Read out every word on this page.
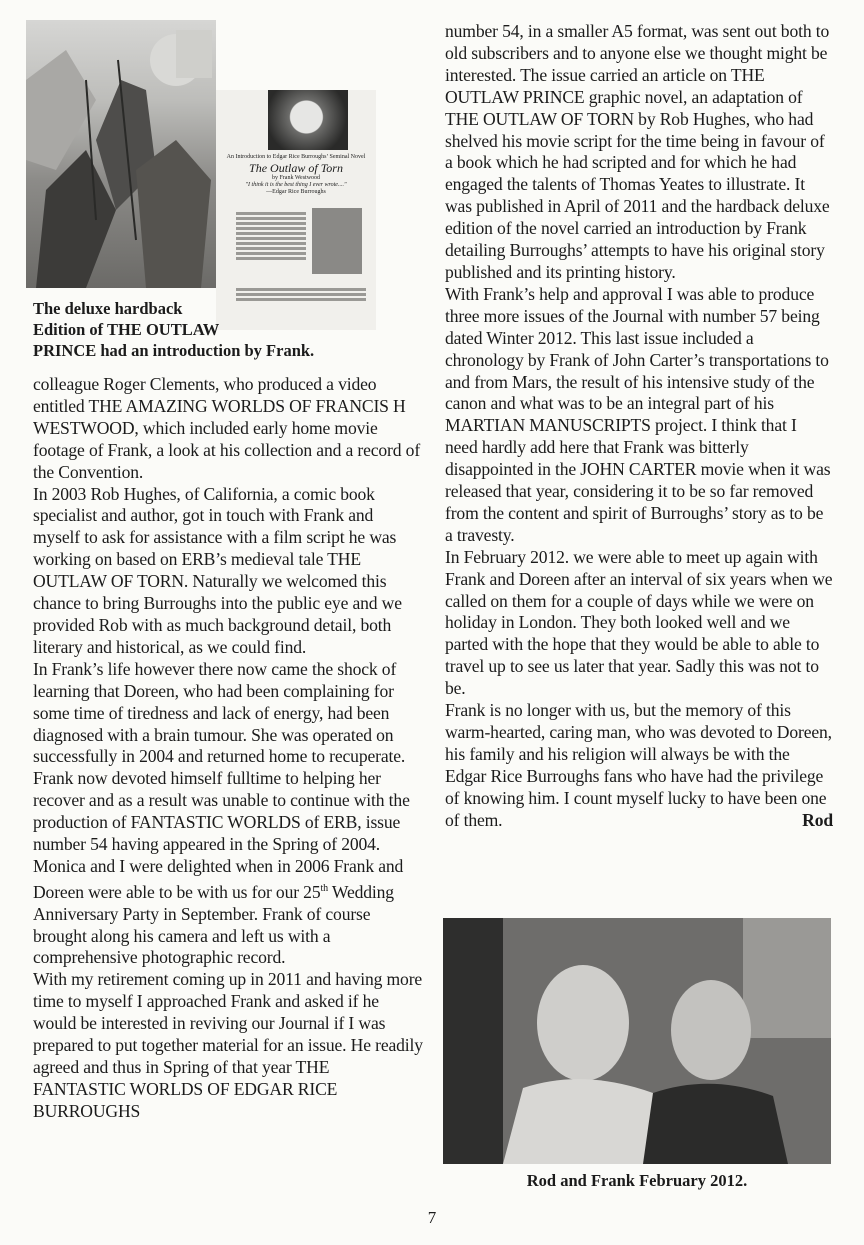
An Introduction to Edgar Rice Burroughs’ Seminal Novel
The Outlaw of Torn
by Frank Westwood
"I think it is the best thing I ever wrote...."
—Edgar Rice Burroughs
The deluxe hardback
Edition of THE OUTLAW
PRINCE had an introduction by Frank.

colleague Roger Clements, who produced a video entitled THE AMAZING WORLDS OF FRANCIS H WESTWOOD, which included early home movie footage of Frank, a look at his collection and a record of the Convention.

In 2003 Rob Hughes, of California, a comic book specialist and author, got in touch with Frank and myself to ask for assistance with a film script he was working on based on ERB’s medieval tale THE OUTLAW OF TORN. Naturally we welcomed this chance to bring Burroughs into the public eye and we provided Rob with as much background detail, both literary and historical, as we could find.

In Frank’s life however there now came the shock of learning that Doreen, who had been complaining for some time of tiredness and lack of energy, had been diagnosed with a brain tumour. She was operated on successfully in 2004 and returned home to recuperate. Frank now devoted himself fulltime to helping her recover and as a result was unable to continue with the production of FANTASTIC WORLDS of ERB, issue number 54 having appeared in the Spring of 2004.

Monica and I were delighted when in 2006 Frank and Doreen were able to be with us for our 25th Wedding Anniversary Party in September. Frank of course brought along his camera and left us with a comprehensive photographic record.

With my retirement coming up in 2011 and having more time to myself I approached Frank and asked if he would be interested in reviving our Journal if I was prepared to put together material for an issue. He readily agreed and thus in Spring of that year THE FANTASTIC WORLDS OF EDGAR RICE BURROUGHS

number 54, in a smaller A5 format, was sent out both to old subscribers and to anyone else we thought might be interested. The issue carried an article on THE OUTLAW PRINCE graphic novel, an adaptation of THE OUTLAW OF TORN by Rob Hughes, who had shelved his movie script for the time being in favour of a book which he had scripted and for which he had engaged the talents of Thomas Yeates to illustrate. It was published in April of 2011 and the hardback deluxe edition of the novel carried an introduction by Frank detailing Burroughs’ attempts to have his original story published and its printing history.

With Frank’s help and approval I was able to produce three more issues of the Journal with number 57 being dated Winter 2012. This last issue included a chronology by Frank of John Carter’s transportations to and from Mars, the result of his intensive study of the canon and what was to be an integral part of his MARTIAN MANUSCRIPTS project. I think that I need hardly add here that Frank was bitterly disappointed in the JOHN CARTER movie when it was released that year, considering it to be so far removed from the content and spirit of Burroughs’ story as to be a travesty.

In February 2012. we were able to meet up again with Frank and Doreen after an interval of six years when we called on them for a couple of days while we were on holiday in London. They both looked well and we parted with the hope that they would be able to able to travel up to see us later that year. Sadly this was not to be.

Frank is no longer with us, but the memory of this warm-hearted, caring man, who was devoted to Doreen, his family and his religion will always be with the Edgar Rice Burroughs fans who have had the privilege of knowing him. I count myself lucky to have been one of them.	Rod

Rod and Frank February 2012.
7
